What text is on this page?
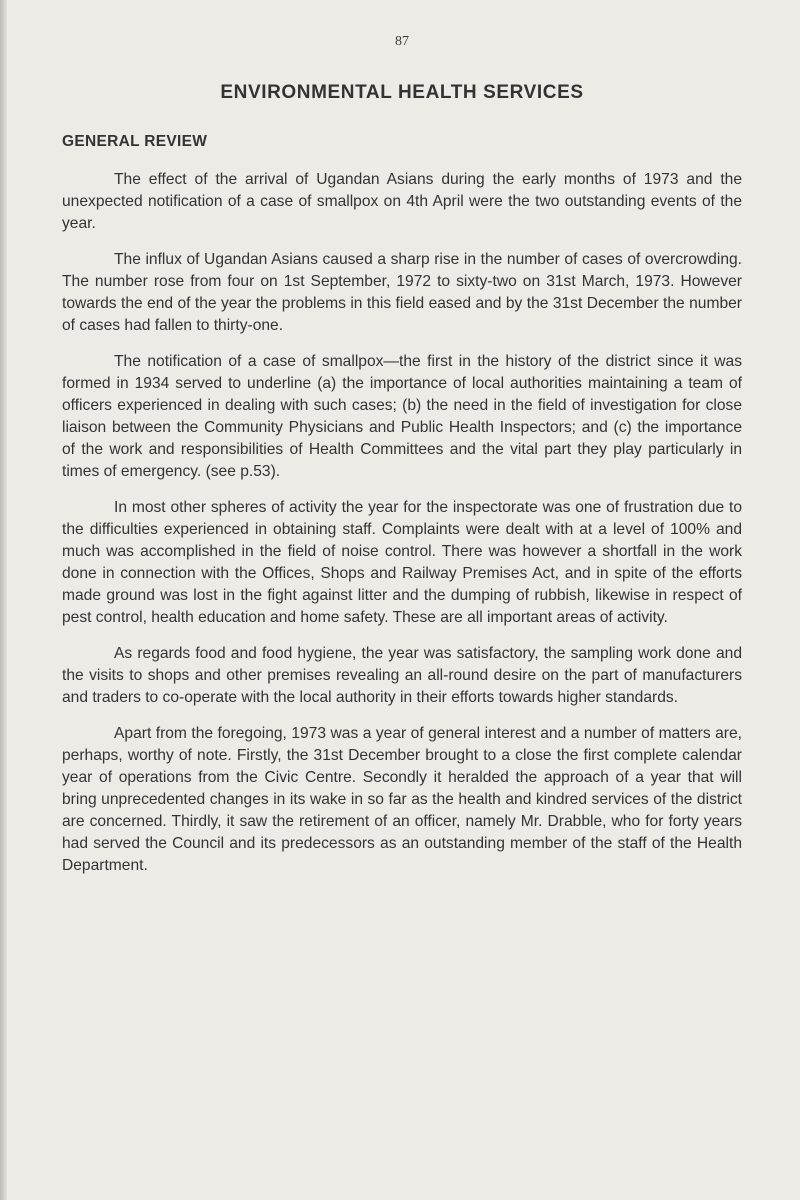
87
ENVIRONMENTAL HEALTH SERVICES
GENERAL REVIEW

The effect of the arrival of Ugandan Asians during the early months of 1973 and the unexpected notification of a case of smallpox on 4th April were the two outstanding events of the year.

The influx of Ugandan Asians caused a sharp rise in the number of cases of overcrowding. The number rose from four on 1st September, 1972 to sixty-two on 31st March, 1973. However towards the end of the year the problems in this field eased and by the 31st December the number of cases had fallen to thirty-one.

The notification of a case of smallpox—the first in the history of the district since it was formed in 1934 served to underline (a) the importance of local authorities maintaining a team of officers experienced in dealing with such cases; (b) the need in the field of investigation for close liaison between the Community Physicians and Public Health Inspectors; and (c) the importance of the work and responsibilities of Health Committees and the vital part they play particularly in times of emergency. (see p.53).

In most other spheres of activity the year for the inspectorate was one of frustration due to the difficulties experienced in obtaining staff. Complaints were dealt with at a level of 100% and much was accomplished in the field of noise control. There was however a shortfall in the work done in connection with the Offices, Shops and Railway Premises Act, and in spite of the efforts made ground was lost in the fight against litter and the dumping of rubbish, likewise in respect of pest control, health education and home safety. These are all important areas of activity.

As regards food and food hygiene, the year was satisfactory, the sampling work done and the visits to shops and other premises revealing an all-round desire on the part of manufacturers and traders to co-operate with the local authority in their efforts towards higher standards.

Apart from the foregoing, 1973 was a year of general interest and a number of matters are, perhaps, worthy of note. Firstly, the 31st December brought to a close the first complete calendar year of operations from the Civic Centre. Secondly it heralded the approach of a year that will bring unprecedented changes in its wake in so far as the health and kindred services of the district are concerned. Thirdly, it saw the retirement of an officer, namely Mr. Drabble, who for forty years had served the Council and its predecessors as an outstanding member of the staff of the Health Department.
